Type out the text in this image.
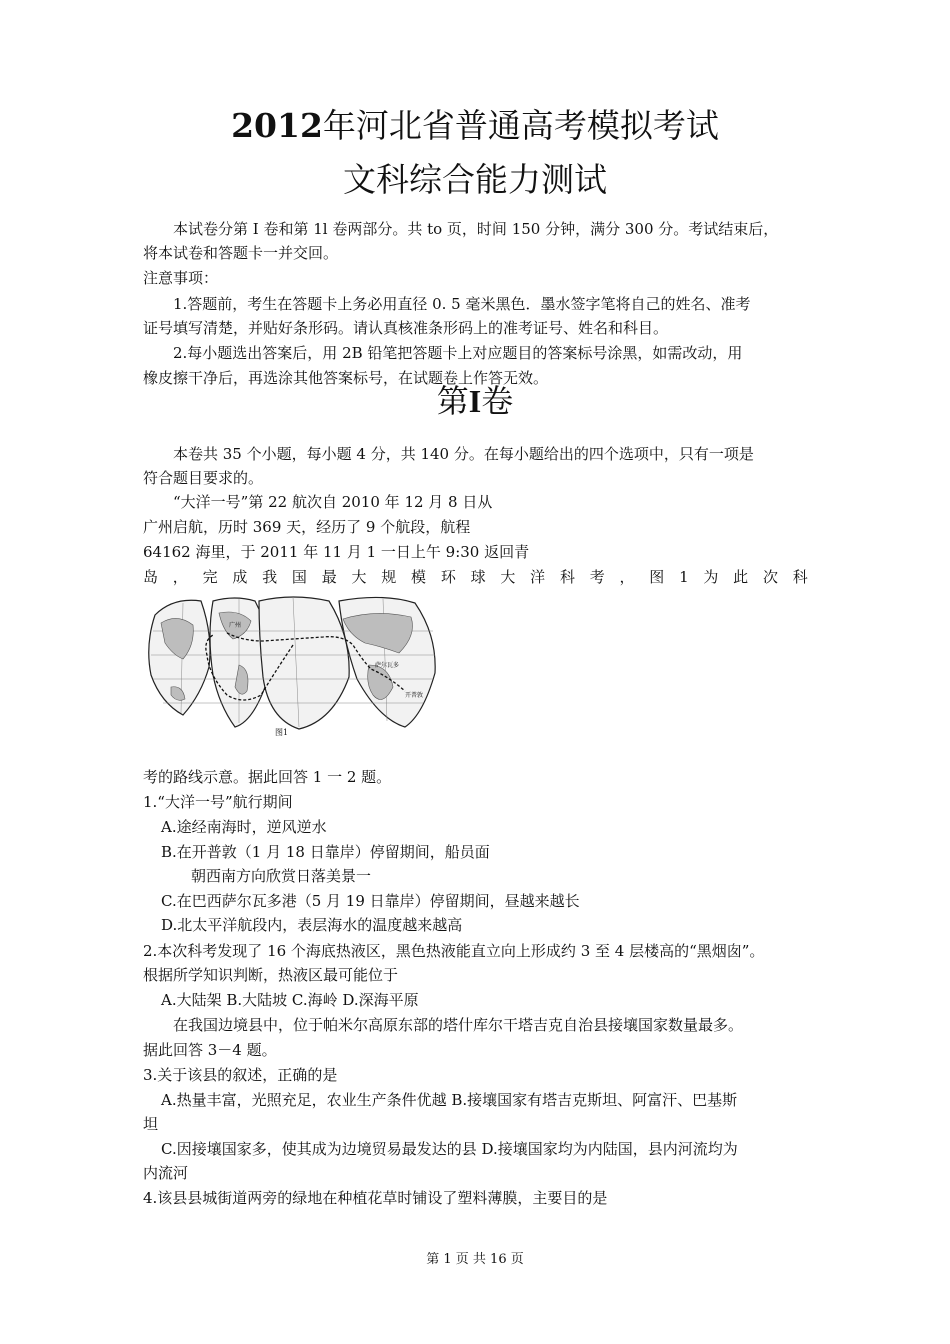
2012年河北省普通高考模拟考试
文科综合能力测试
本试卷分第 I 卷和第 1l 卷两部分。共 to 页，时间 150 分钟，满分 300 分。考试结束后，
将本试卷和答题卡一并交回。
注意事项：
1.答题前，考生在答题卡上务必用直径 0. 5 毫米黑色．墨水签字笔将自己的姓名、准考
证号填写清楚，并贴好条形码。请认真核准条形码上的准考证号、姓名和科目。
2.每小题选出答案后，用 2B 铅笔把答题卡上对应题目的答案标号涂黑，如需改动，用
橡皮擦干净后，再选涂其他答案标号，在试题卷上作答无效。
第I卷
本卷共 35 个小题，每小题 4 分，共 140 分。在每小题给出的四个选项中，只有一项是
符合题目要求的。
“大洋一号”第 22 航次自 2010 年 12 月 8 日从
广州启航，历时 369 天，经历了 9 个航段，航程
64162 海里，于 2011 年 11 月 1 一日上午 9:30 返回青
岛 ， 完 成 我 国 最 大 规 模 环 球 大 洋 科 考 ， 图 1 为 此 次 科
萨尔瓦多
开普敦
广州
图1
考的路线示意。据此回答 1 一 2 题。
1.“大洋一号”航行期间
A.途经南海时，逆风逆水
B.在开普敦（1 月 18 日靠岸）停留期间，船员面
朝西南方向欣赏日落美景一
C.在巴西萨尔瓦多港（5 月 19 日靠岸）停留期间，昼越来越长
D.北太平洋航段内，表层海水的温度越来越高
2.本次科考发现了 16 个海底热液区，黑色热液能直立向上形成约 3 至 4 层楼高的“黑烟囱”。
根据所学知识判断，热液区最可能位于
A.大陆架 B.大陆坡 C.海岭 D.深海平原
在我国边境县中，位于帕米尔高原东部的塔什库尔干塔吉克自治县接壤国家数量最多。
据此回答 3－4 题。
3.关于该县的叙述，正确的是
A.热量丰富，光照充足，农业生产条件优越 B.接壤国家有塔吉克斯坦、阿富汗、巴基斯
坦
C.因接壤国家多，使其成为边境贸易最发达的县 D.接壤国家均为内陆国，县内河流均为
内流河
4.该县县城街道两旁的绿地在种植花草时铺设了塑料薄膜，主要目的是
第 1 页 共 16 页
